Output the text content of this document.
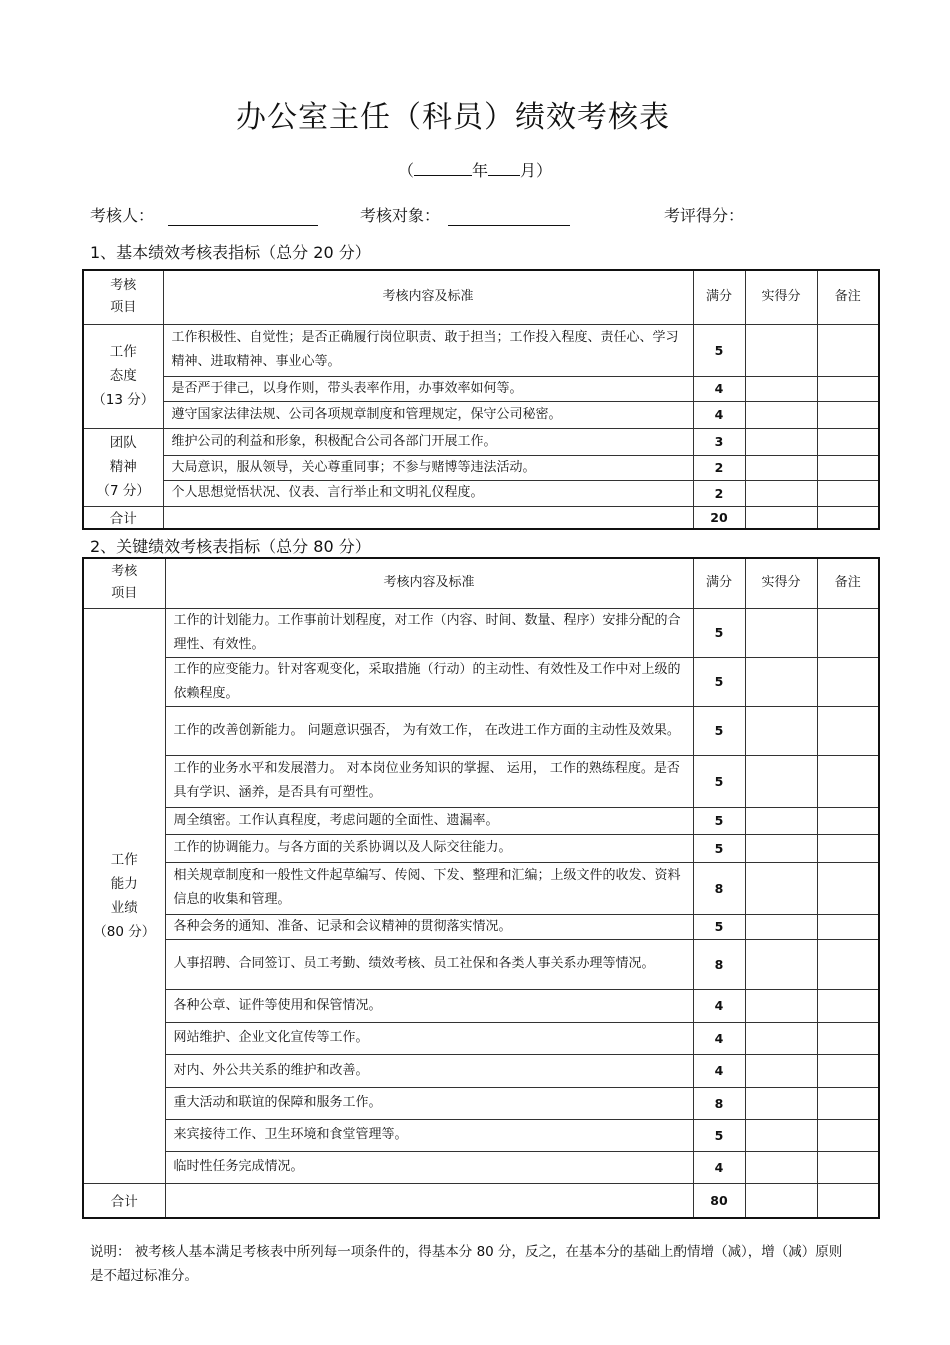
办公室主任（科员）绩效考核表
（	年 月）
考核人：	考核对象：	考评得分：
1、基本绩效考核表指标（总分 20 分）
考核
项目	考核内容及标准	满分	实得分	备注

工作
态度
（13 分）	工作积极性、自觉性；是否正确履行岗位职责、敢于担当；工作投入程度、责任心、学习精神、进取精神、事业心等。	5		
	是否严于律己，以身作则，带头表率作用，办事效率如何等。	4		
	遵守国家法律法规、公司各项规章制度和管理规定，保守公司秘密。	4		

团队
精神
（7 分）	维护公司的利益和形象，积极配合公司各部门开展工作。	3		
	大局意识，服从领导，关心尊重同事；不参与赌博等违法活动。	2		
	个人思想觉悟状况、仪表、言行举止和文明礼仪程度。	2		
合计		20		
2、关键绩效考核表指标（总分 80 分）
考核
项目	考核内容及标准	满分	实得分	备注

工作
能力
业绩
（80 分）	工作的计划能力。工作事前计划程度，对工作（内容、时间、数量、程序）安排分配的合理性、有效性。	5		
	工作的应变能力。针对客观变化，采取措施（行动）的主动性、有效性及工作中对上级的依赖程度。	5		
	工作的改善创新能力。 问题意识强否， 为有效工作， 在改进工作方面的主动性及效果。	5		
	工作的业务水平和发展潜力。 对本岗位业务知识的掌握、 运用， 工作的熟练程度。是否具有学识、涵养，是否具有可塑性。	5		
	周全缜密。工作认真程度，考虑问题的全面性、遗漏率。	5		
	工作的协调能力。与各方面的关系协调以及人际交往能力。	5		
	相关规章制度和一般性文件起草编写、传阅、下发、整理和汇编；上级文件的收发、资料信息的收集和管理。	8		
	各种会务的通知、准备、记录和会议精神的贯彻落实情况。	5		
	人事招聘、合同签订、员工考勤、绩效考核、员工社保和各类人事关系办理等情况。	8		
	各种公章、证件等使用和保管情况。	4		
	网站维护、企业文化宣传等工作。	4		
	对内、外公共关系的维护和改善。	4		
	重大活动和联谊的保障和服务工作。	8		
	来宾接待工作、卫生环境和食堂管理等。	5		
	临时性任务完成情况。	4		
合计		80		
说明： 被考核人基本满足考核表中所列每一项条件的，得基本分 80 分，反之，在基本分的基础上酌情增（减），增（减）原则是不超过标准分。
